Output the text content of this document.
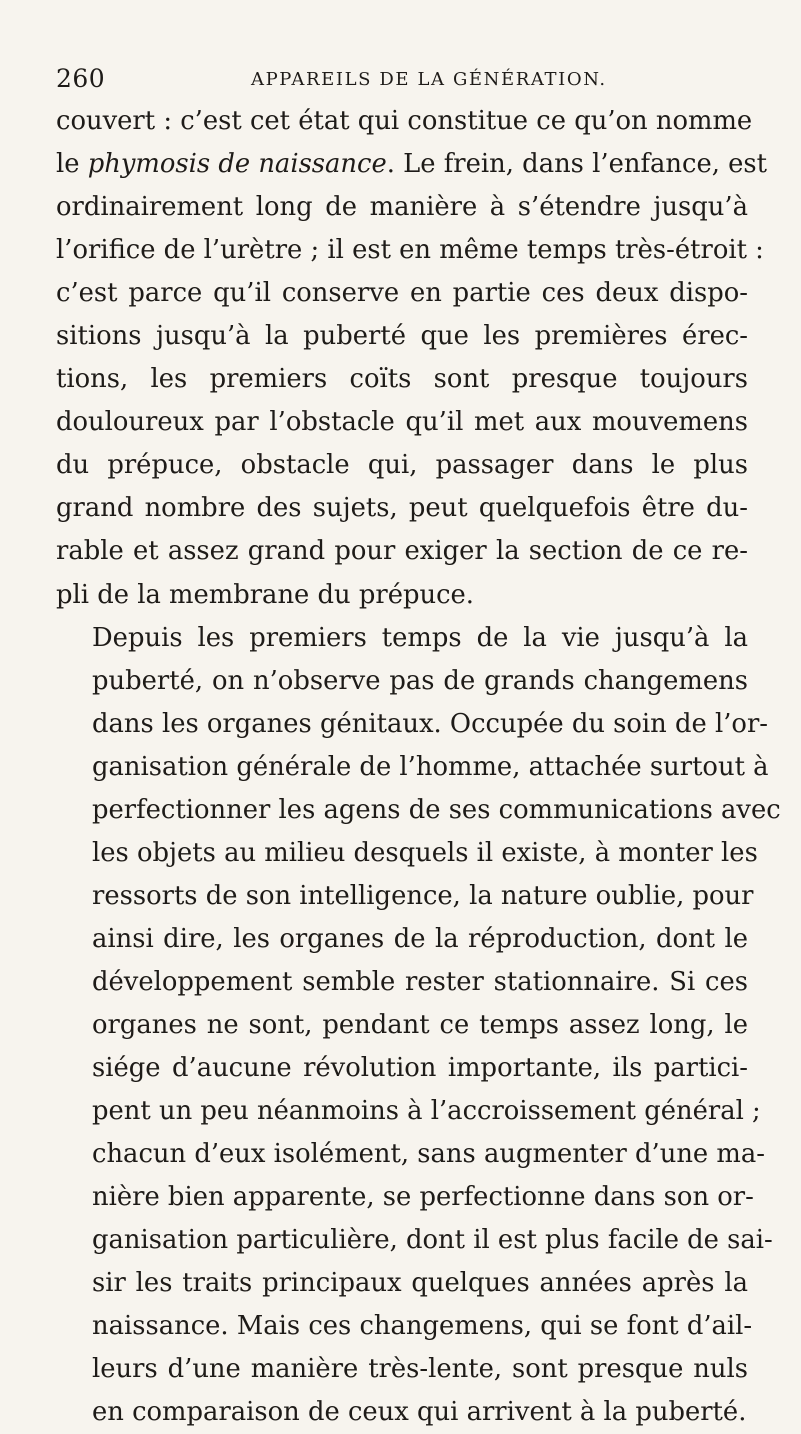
260	APPAREILS DE LA GÉNÉRATION.

couvert : c’est cet état qui constitue ce qu’on nomme
le phymosis de naissance. Le frein, dans l’enfance, est
ordinairement long de manière à s’étendre jusqu’à
l’orifice de l’urètre ; il est en même temps très-étroit :
c’est parce qu’il conserve en partie ces deux dispo-
sitions jusqu’à la puberté que les premières érec-
tions, les premiers coïts sont presque toujours
douloureux par l’obstacle qu’il met aux mouvemens
du prépuce, obstacle qui, passager dans le plus
grand nombre des sujets, peut quelquefois être du-
rable et assez grand pour exiger la section de ce re-
pli de la membrane du prépuce.

Depuis les premiers temps de la vie jusqu’à la
puberté, on n’observe pas de grands changemens
dans les organes génitaux. Occupée du soin de l’or-
ganisation générale de l’homme, attachée surtout à
perfectionner les agens de ses communications avec
les objets au milieu desquels il existe, à monter les
ressorts de son intelligence, la nature oublie, pour
ainsi dire, les organes de la réproduction, dont le
développement semble rester stationnaire. Si ces
organes ne sont, pendant ce temps assez long, le
siége d’aucune révolution importante, ils partici-
pent un peu néanmoins à l’accroissement général ;
chacun d’eux isolément, sans augmenter d’une ma-
nière bien apparente, se perfectionne dans son or-
ganisation particulière, dont il est plus facile de sai-
sir les traits principaux quelques années après la
naissance. Mais ces changemens, qui se font d’ail-
leurs d’une manière très-lente, sont presque nuls
en comparaison de ceux qui arrivent à la puberté.
